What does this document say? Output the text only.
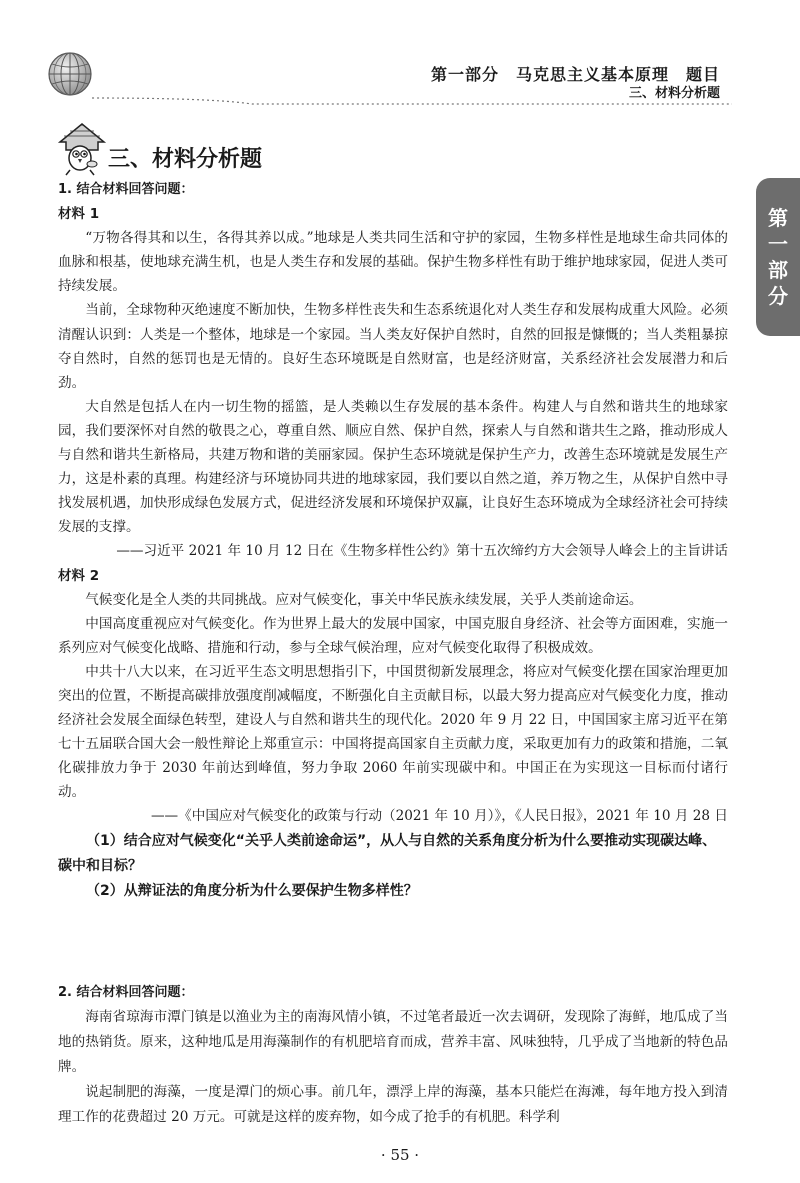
第一部分　马克思主义基本原理　题目
三、材料分析题
三、材料分析题
第
一
部
分
1. 结合材料回答问题：
材料 1
“万物各得其和以生，各得其养以成。”地球是人类共同生活和守护的家园，生物多样性是地球生命共同体的血脉和根基，使地球充满生机，也是人类生存和发展的基础。保护生物多样性有助于维护地球家园，促进人类可持续发展。
当前，全球物种灭绝速度不断加快，生物多样性丧失和生态系统退化对人类生存和发展构成重大风险。必须清醒认识到：人类是一个整体，地球是一个家园。当人类友好保护自然时，自然的回报是慷慨的；当人类粗暴掠夺自然时，自然的惩罚也是无情的。良好生态环境既是自然财富，也是经济财富，关系经济社会发展潜力和后劲。
大自然是包括人在内一切生物的摇篮，是人类赖以生存发展的基本条件。构建人与自然和谐共生的地球家园，我们要深怀对自然的敬畏之心，尊重自然、顺应自然、保护自然，探索人与自然和谐共生之路，推动形成人与自然和谐共生新格局，共建万物和谐的美丽家园。保护生态环境就是保护生产力，改善生态环境就是发展生产力，这是朴素的真理。构建经济与环境协同共进的地球家园，我们要以自然之道，养万物之生，从保护自然中寻找发展机遇，加快形成绿色发展方式，促进经济发展和环境保护双赢，让良好生态环境成为全球经济社会可持续发展的支撑。
——习近平 2021 年 10 月 12 日在《生物多样性公约》第十五次缔约方大会领导人峰会上的主旨讲话
材料 2
气候变化是全人类的共同挑战。应对气候变化，事关中华民族永续发展，关乎人类前途命运。
中国高度重视应对气候变化。作为世界上最大的发展中国家，中国克服自身经济、社会等方面困难，实施一系列应对气候变化战略、措施和行动，参与全球气候治理，应对气候变化取得了积极成效。
中共十八大以来，在习近平生态文明思想指引下，中国贯彻新发展理念，将应对气候变化摆在国家治理更加突出的位置，不断提高碳排放强度削减幅度，不断强化自主贡献目标，以最大努力提高应对气候变化力度，推动经济社会发展全面绿色转型，建设人与自然和谐共生的现代化。2020 年 9 月 22 日，中国国家主席习近平在第七十五届联合国大会一般性辩论上郑重宣示：中国将提高国家自主贡献力度，采取更加有力的政策和措施，二氧化碳排放力争于 2030 年前达到峰值，努力争取 2060 年前实现碳中和。中国正在为实现这一目标而付诸行动。
——《中国应对气候变化的政策与行动（2021 年 10 月）》，《人民日报》，2021 年 10 月 28 日
（1）结合应对气候变化“关乎人类前途命运”，从人与自然的关系角度分析为什么要推动实现碳达峰、碳中和目标？
（2）从辩证法的角度分析为什么要保护生物多样性？
2. 结合材料回答问题：
海南省琼海市潭门镇是以渔业为主的南海风情小镇，不过笔者最近一次去调研，发现除了海鲜，地瓜成了当地的热销货。原来，这种地瓜是用海藻制作的有机肥培育而成，营养丰富、风味独特，几乎成了当地新的特色品牌。
说起制肥的海藻，一度是潭门的烦心事。前几年，漂浮上岸的海藻，基本只能烂在海滩，每年地方投入到清理工作的花费超过 20 万元。可就是这样的废弃物，如今成了抢手的有机肥。科学利
· 55 ·
